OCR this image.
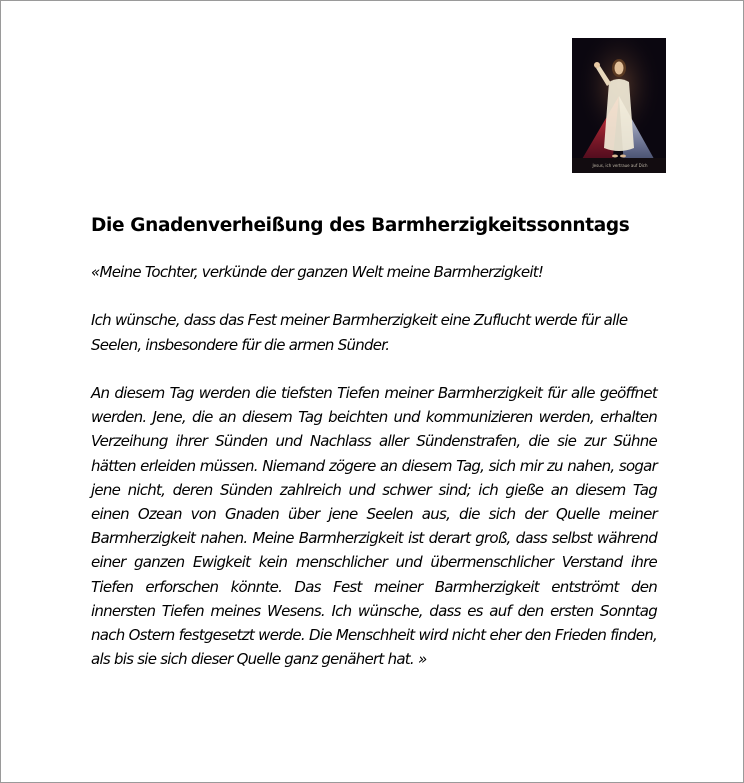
Jesus, ich vertraue auf Dich
Die Gnadenverheißung des Barmherzigkeitssonntags

«Meine Tochter, verkünde der ganzen Welt meine Barmherzigkeit!

Ich wünsche, dass das Fest meiner Barmherzigkeit eine Zuflucht werde für alle Seelen, insbesondere für die armen Sünder.

An diesem Tag werden die tiefsten Tiefen meiner Barmherzigkeit für alle geöffnet werden. Jene, die an diesem Tag beichten und kommunizieren werden, erhalten Verzeihung ihrer Sünden und Nachlass aller Sündenstrafen, die sie zur Sühne hätten erleiden müssen. Niemand zögere an diesem Tag, sich mir zu nahen, sogar jene nicht, deren Sünden zahlreich und schwer sind; ich gieße an diesem Tag einen Ozean von Gnaden über jene Seelen aus, die sich der Quelle meiner Barmherzigkeit nahen. Meine Barmherzigkeit ist derart groß, dass selbst während einer ganzen Ewigkeit kein menschlicher und übermenschlicher Verstand ihre Tiefen erforschen könnte. Das Fest meiner Barmherzigkeit entströmt den innersten Tiefen meines Wesens. Ich wünsche, dass es auf den ersten Sonntag nach Ostern festgesetzt werde. Die Menschheit wird nicht eher den Frieden finden, als bis sie sich dieser Quelle ganz genähert hat. »
